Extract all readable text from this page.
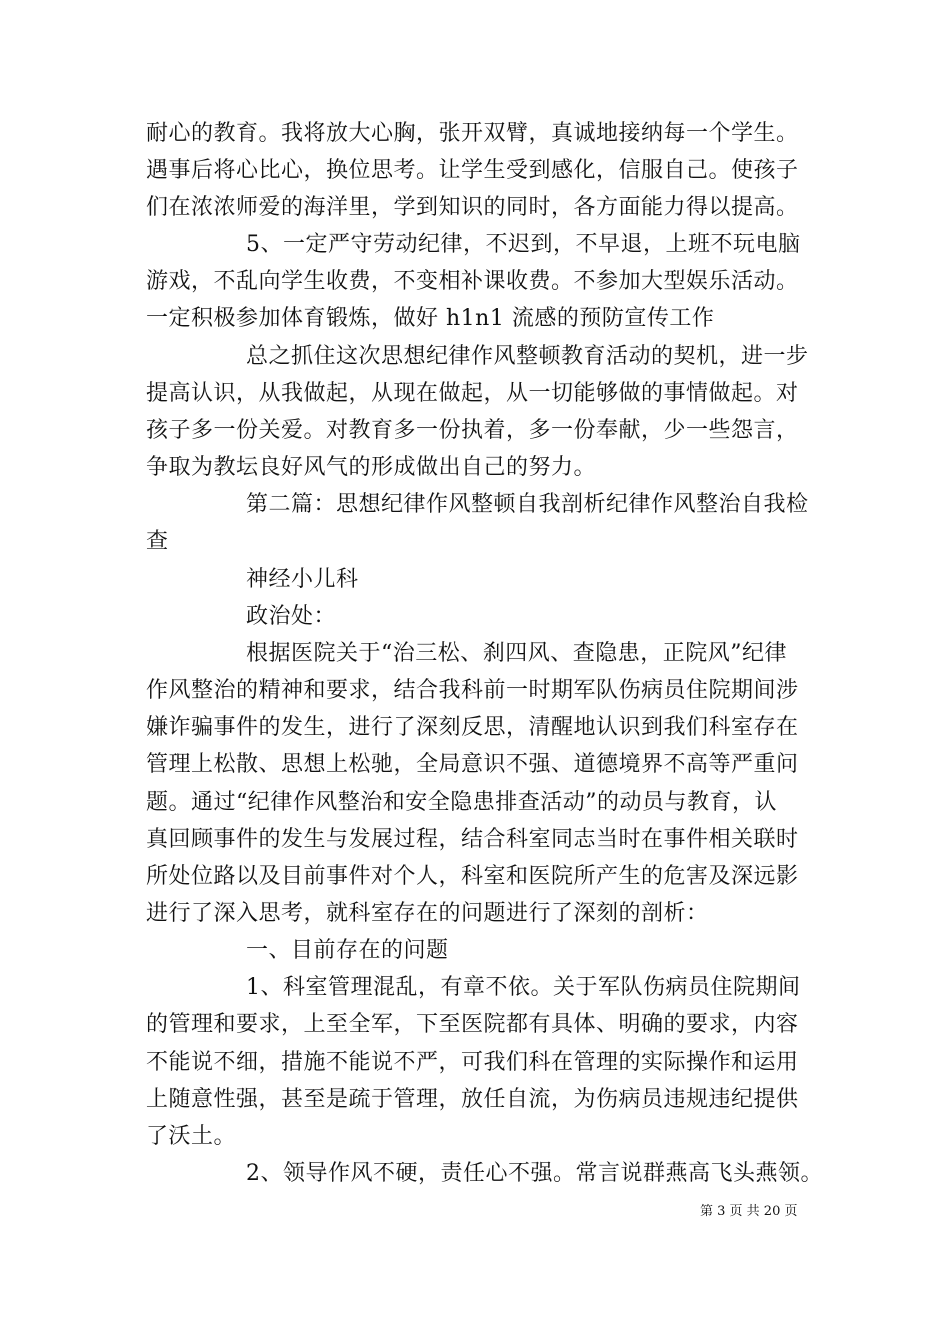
耐心的教育。我将放大心胸，张开双臂，真诚地接纳每一个学生。
遇事后将心比心，换位思考。让学生受到感化，信服自己。使孩子
们在浓浓师爱的海洋里，学到知识的同时，各方面能力得以提高。
5、一定严守劳动纪律，不迟到，不早退，上班不玩电脑
游戏，不乱向学生收费，不变相补课收费。不参加大型娱乐活动。
一定积极参加体育锻炼，做好 h1n1 流感的预防宣传工作
总之抓住这次思想纪律作风整顿教育活动的契机，进一步
提高认识，从我做起，从现在做起，从一切能够做的事情做起。对
孩子多一份关爱。对教育多一份执着，多一份奉献，少一些怨言，
争取为教坛良好风气的形成做出自己的努力。
第二篇：思想纪律作风整顿自我剖析纪律作风整治自我检
查
神经小儿科
政治处：
根据医院关于“治三松、刹四风、查隐患，正院风”纪律
作风整治的精神和要求，结合我科前一时期军队伤病员住院期间涉
嫌诈骗事件的发生，进行了深刻反思，清醒地认识到我们科室存在
管理上松散、思想上松驰，全局意识不强、道德境界不高等严重问
题。通过“纪律作风整治和安全隐患排查活动”的动员与教育，认
真回顾事件的发生与发展过程，结合科室同志当时在事件相关联时
所处位路以及目前事件对个人，科室和医院所产生的危害及深远影
进行了深入思考，就科室存在的问题进行了深刻的剖析：
一、目前存在的问题
1、科室管理混乱，有章不依。关于军队伤病员住院期间
的管理和要求，上至全军，下至医院都有具体、明确的要求，内容
不能说不细，措施不能说不严，可我们科在管理的实际操作和运用
上随意性强，甚至是疏于管理，放任自流，为伤病员违规违纪提供
了沃土。
2、领导作风不硬，责任心不强。常言说群燕高飞头燕领。
第 3 页 共 20 页
